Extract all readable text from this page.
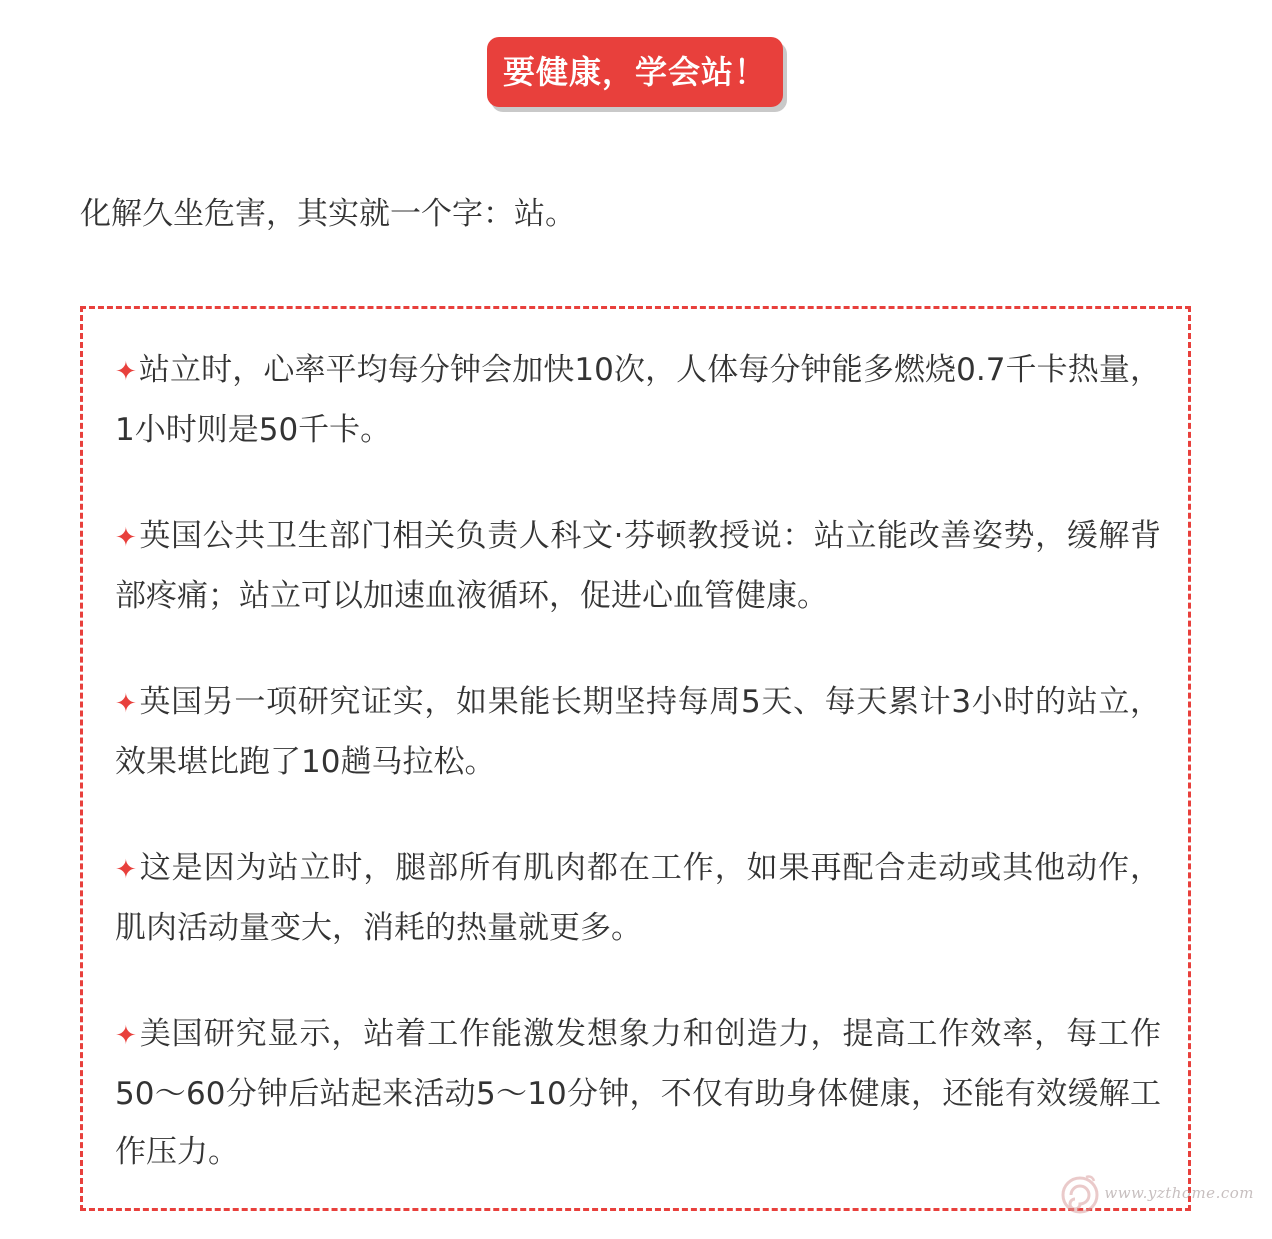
要健康，学会站！
化解久坐危害，其实就一个字：站。
✦站立时，心率平均每分钟会加快10次，人体每分钟能多燃烧0.7千卡热量，1小时则是50千卡。
✦英国公共卫生部门相关负责人科文·芬顿教授说：站立能改善姿势，缓解背部疼痛；站立可以加速血液循环，促进心血管健康。
✦英国另一项研究证实，如果能长期坚持每周5天、每天累计3小时的站立，效果堪比跑了10趟马拉松。
✦这是因为站立时，腿部所有肌肉都在工作，如果再配合走动或其他动作，肌肉活动量变大，消耗的热量就更多。
✦美国研究显示，站着工作能激发想象力和创造力，提高工作效率，每工作50～60分钟后站起来活动5～10分钟，不仅有助身体健康，还能有效缓解工作压力。
www.yzthome.com
